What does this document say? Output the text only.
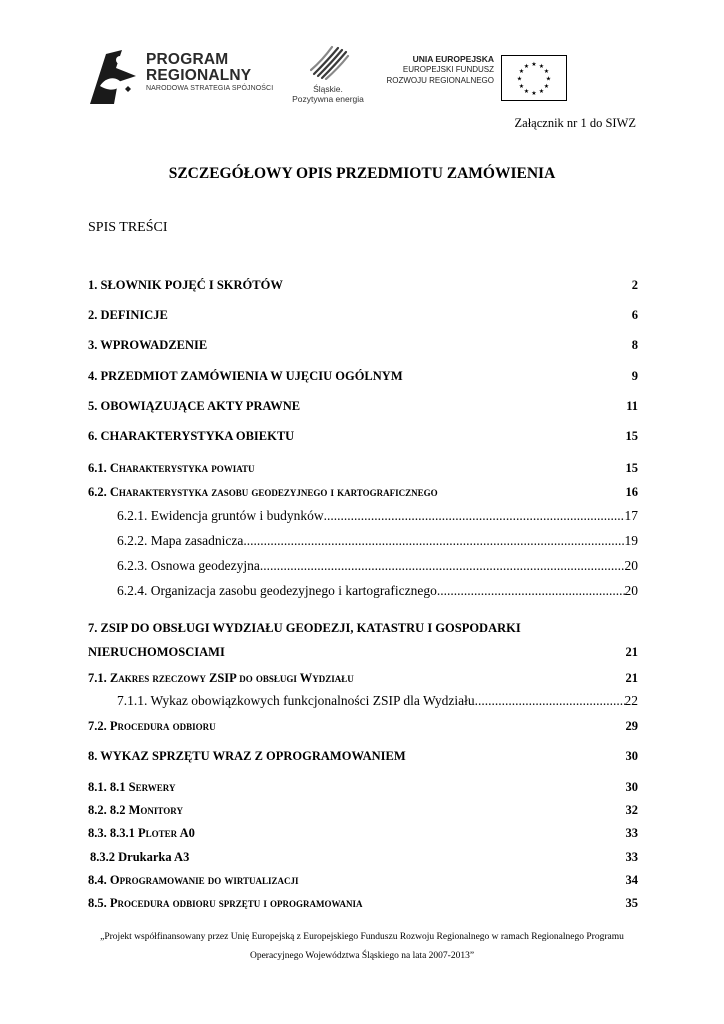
PROGRAM
REGIONALNY
NARODOWA STRATEGIA SPÓJNOŚCI	Śląskie.
Pozytywna energia
UNIA EUROPEJSKA
EUROPEJSKI FUNDUSZ
ROZWOJU REGIONALNEGO
★ ★
★
★
★
★
★
★
★
★
★
★
Załącznik nr 1 do SIWZ
SZCZEGÓŁOWY OPIS PRZEDMIOTU ZAMÓWIENIA
SPIS TREŚCI
1. SŁOWNIK POJĘĆ I SKRÓTÓW	2
2. DEFINICJE	6
3. WPROWADZENIE	8
4. PRZEDMIOT ZAMÓWIENIA W UJĘCIU OGÓLNYM	9
5. OBOWIĄZUJĄCE AKTY PRAWNE	11
6. CHARAKTERYSTYKA OBIEKTU	15
6.1. Charakterystyka powiatu	15
6.2. Charakterystyka zasobu geodezyjnego i kartograficznego	16
6.2.1. Ewidencja gruntów i budynków .....	17
6.2.2. Mapa zasadnicza .....	19
6.2.3. Osnowa geodezyjna .....	20
6.2.4. Organizacja zasobu geodezyjnego i kartograficznego .....	20
7. ZSIP DO OBSŁUGI WYDZIAŁU GEODEZJI, KATASTRU I GOSPODARKI
NIERUCHOMOSCIAMI	21
7.1. Zakres rzeczowy ZSIP do obsługi Wydziału	21
7.1.1. Wykaz obowiązkowych funkcjonalności ZSIP dla Wydziału .....	22
7.2. Procedura odbioru	29
8. WYKAZ SPRZĘTU WRAZ Z OPROGRAMOWANIEM	30
8.1. 8.1 Serwery	30
8.2. 8.2 Monitory	32
8.3. 8.3.1 Ploter A0	33
8.3.2 Drukarka A3	33
8.4. Oprogramowanie do wirtualizacji	34
8.5. Procedura odbioru sprzętu i oprogramowania	35
„Projekt współfinansowany przez Unię Europejską z Europejskiego Funduszu Rozwoju Regionalnego w ramach Regionalnego Programu
Operacyjnego Województwa Śląskiego na lata 2007-2013”
